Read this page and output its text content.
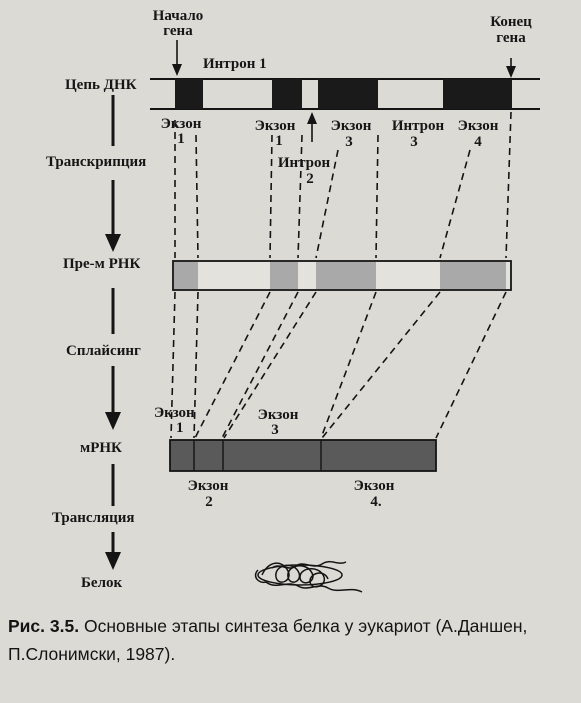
Начало
гена
Конец
гена
Интрон 1
Цепь ДНК
Экзон
1
Экзон
1
Экзон
3
Интрон
3
Экзон
4
Интрон
2
Транскрипция
Пре-м РНК
Сплайсинг
Экзон
1
Экзон
3
мРНК
Экзон
2
Экзон
4.
Трансляция
Белок
Рис. 3.5. Основные этапы синтеза белка у эукариот (А.Даншен, П.Слонимски, 1987).
